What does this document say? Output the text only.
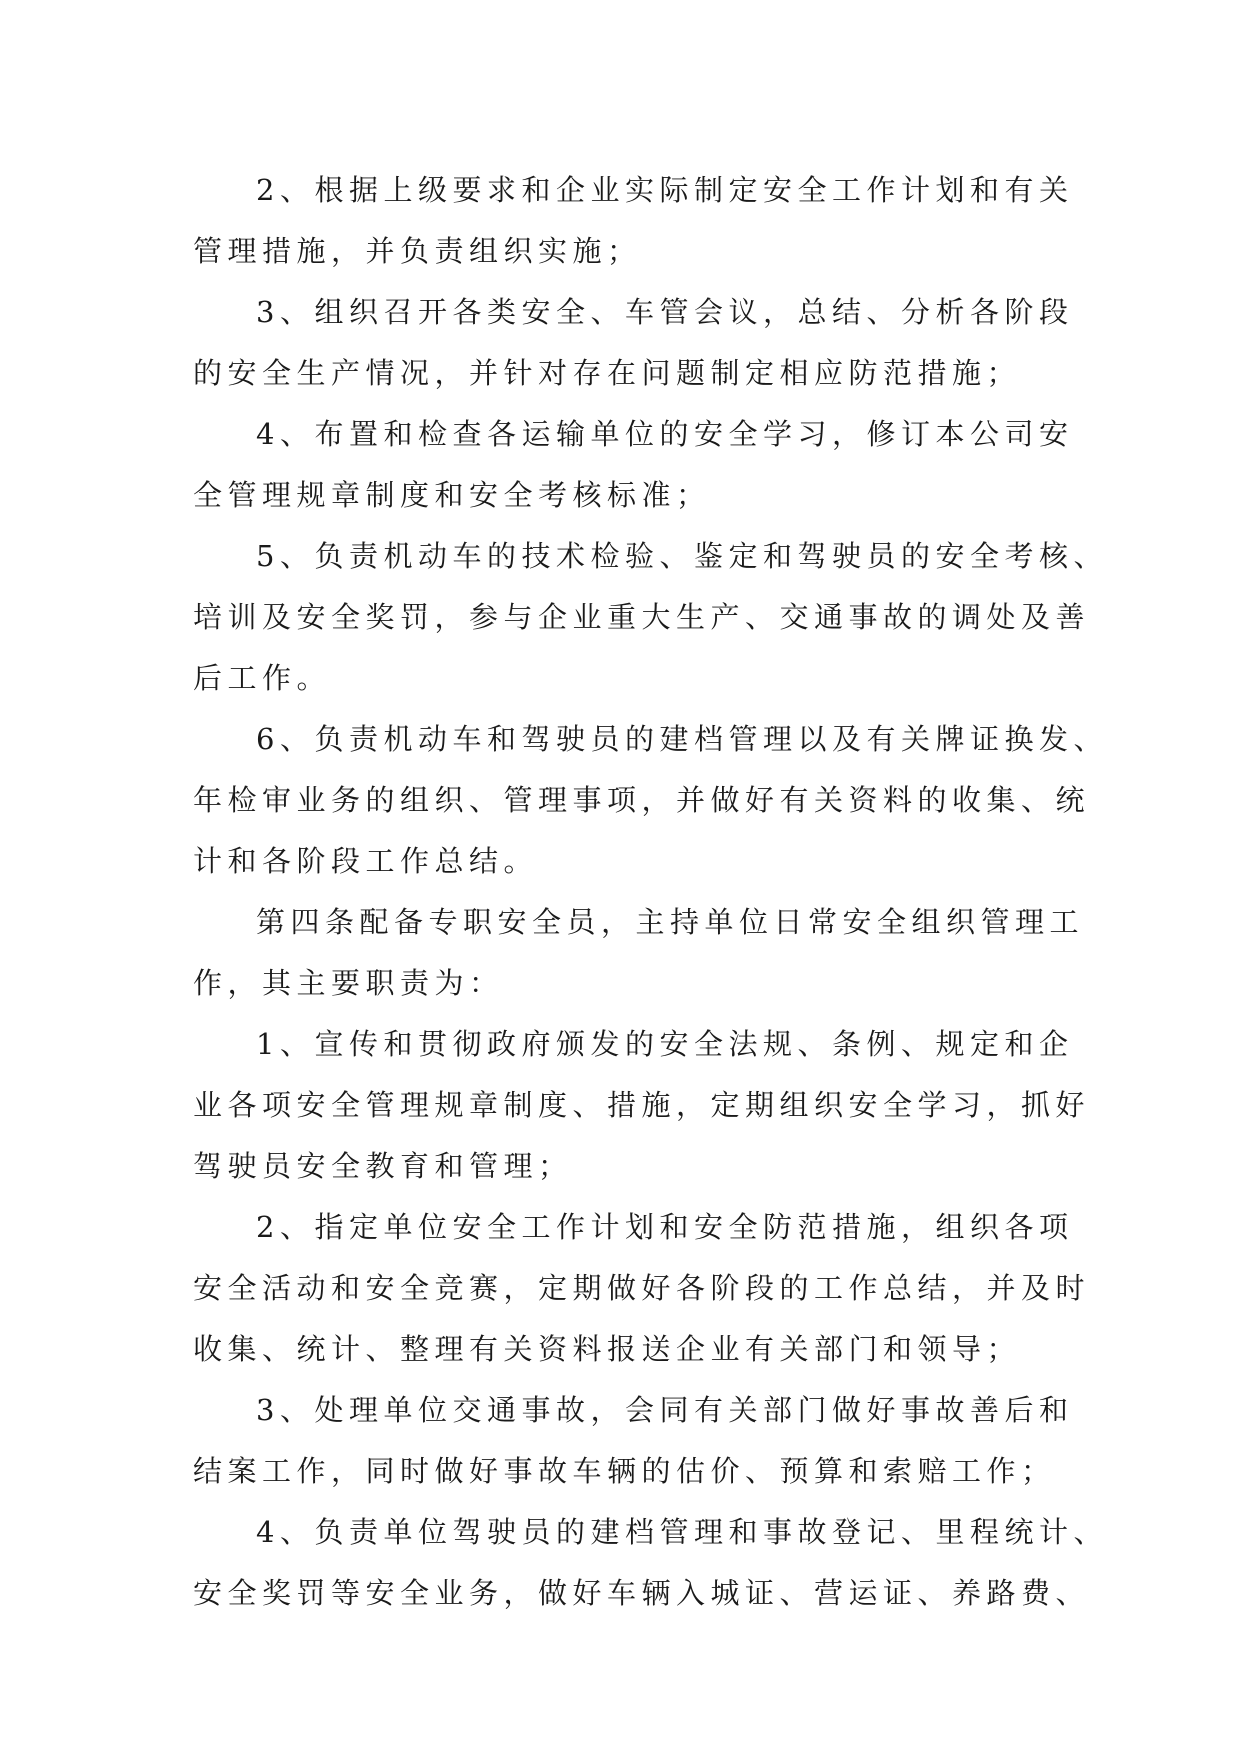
2、根据上级要求和企业实际制定安全工作计划和有关
管理措施，并负责组织实施；
3、组织召开各类安全、车管会议，总结、分析各阶段
的安全生产情况，并针对存在问题制定相应防范措施；
4、布置和检查各运输单位的安全学习，修订本公司安
全管理规章制度和安全考核标准；
5、负责机动车的技术检验、鉴定和驾驶员的安全考核、
培训及安全奖罚，参与企业重大生产、交通事故的调处及善
后工作。
6、负责机动车和驾驶员的建档管理以及有关牌证换发、
年检审业务的组织、管理事项，并做好有关资料的收集、统
计和各阶段工作总结。
第四条配备专职安全员，主持单位日常安全组织管理工
作，其主要职责为：
1、宣传和贯彻政府颁发的安全法规、条例、规定和企
业各项安全管理规章制度、措施，定期组织安全学习，抓好
驾驶员安全教育和管理；
2、指定单位安全工作计划和安全防范措施，组织各项
安全活动和安全竞赛，定期做好各阶段的工作总结，并及时
收集、统计、整理有关资料报送企业有关部门和领导；
3、处理单位交通事故，会同有关部门做好事故善后和
结案工作，同时做好事故车辆的估价、预算和索赔工作；
4、负责单位驾驶员的建档管理和事故登记、里程统计、
安全奖罚等安全业务，做好车辆入城证、营运证、养路费、
